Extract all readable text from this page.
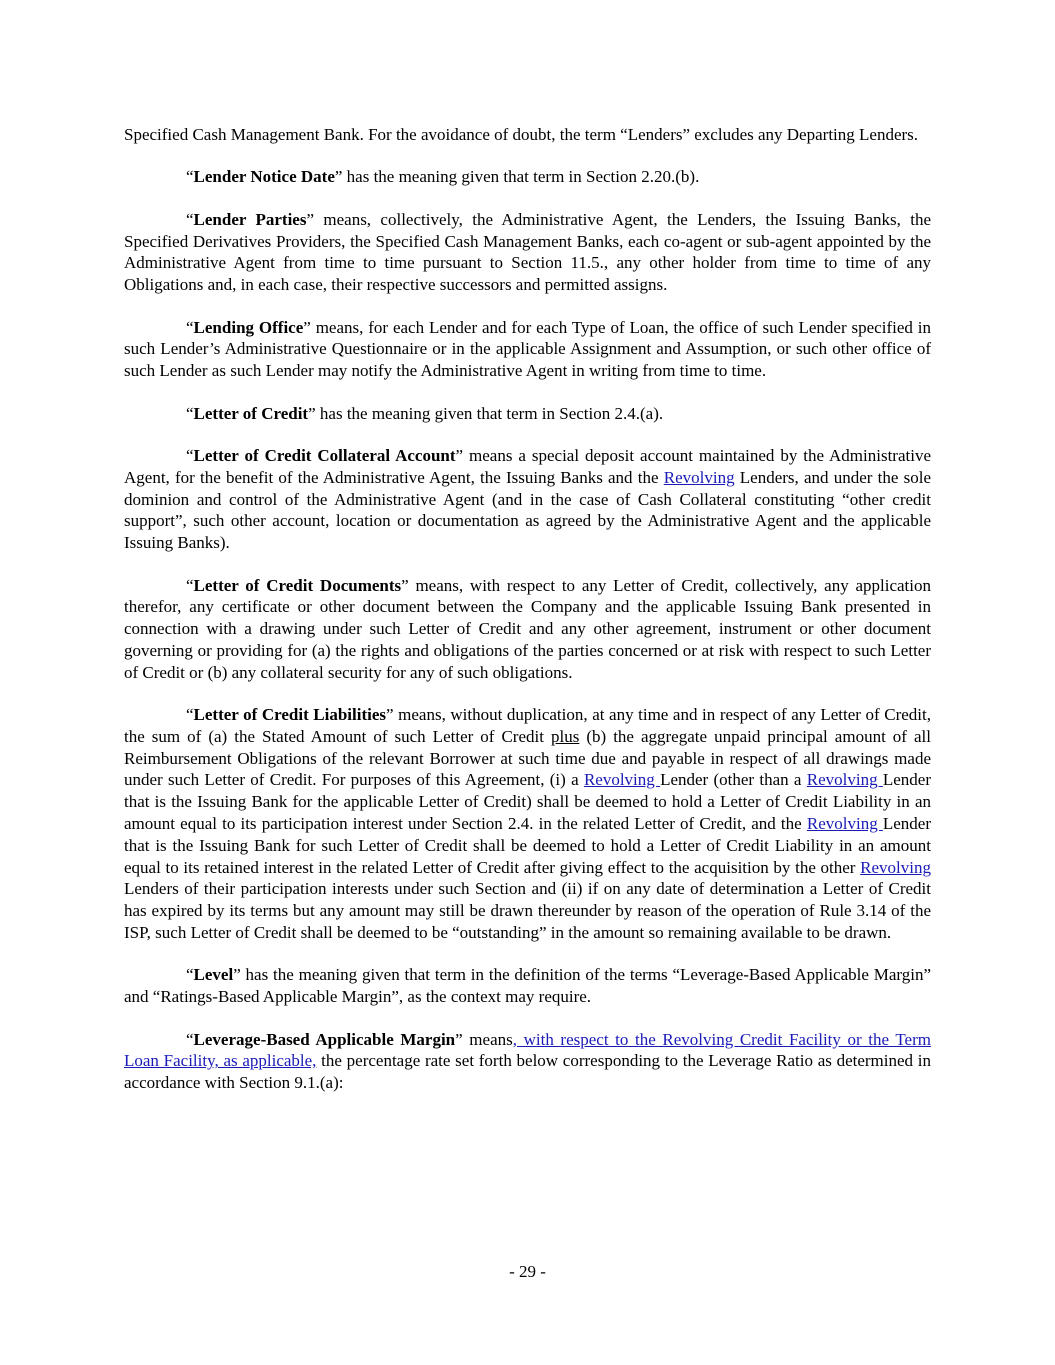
Specified Cash Management Bank. For the avoidance of doubt, the term “Lenders” excludes any Departing Lenders.

“Lender Notice Date” has the meaning given that term in Section 2.20.(b).

“Lender Parties” means, collectively, the Administrative Agent, the Lenders, the Issuing Banks, the Specified Derivatives Providers, the Specified Cash Management Banks, each co-agent or sub-agent appointed by the Administrative Agent from time to time pursuant to Section 11.5., any other holder from time to time of any Obligations and, in each case, their respective successors and permitted assigns.

“Lending Office” means, for each Lender and for each Type of Loan, the office of such Lender specified in such Lender’s Administrative Questionnaire or in the applicable Assignment and Assumption, or such other office of such Lender as such Lender may notify the Administrative Agent in writing from time to time.

“Letter of Credit” has the meaning given that term in Section 2.4.(a).

“Letter of Credit Collateral Account” means a special deposit account maintained by the Administrative Agent, for the benefit of the Administrative Agent, the Issuing Banks and the Revolving Lenders, and under the sole dominion and control of the Administrative Agent (and in the case of Cash Collateral constituting “other credit support”, such other account, location or documentation as agreed by the Administrative Agent and the applicable Issuing Banks).

“Letter of Credit Documents” means, with respect to any Letter of Credit, collectively, any application therefor, any certificate or other document between the Company and the applicable Issuing Bank presented in connection with a drawing under such Letter of Credit and any other agreement, instrument or other document governing or providing for (a) the rights and obligations of the parties concerned or at risk with respect to such Letter of Credit or (b) any collateral security for any of such obligations.

“Letter of Credit Liabilities” means, without duplication, at any time and in respect of any Letter of Credit, the sum of (a) the Stated Amount of such Letter of Credit plus (b) the aggregate unpaid principal amount of all Reimbursement Obligations of the relevant Borrower at such time due and payable in respect of all drawings made under such Letter of Credit. For purposes of this Agreement, (i) a Revolving Lender (other than a Revolving Lender that is the Issuing Bank for the applicable Letter of Credit) shall be deemed to hold a Letter of Credit Liability in an amount equal to its participation interest under Section 2.4. in the related Letter of Credit, and the Revolving Lender that is the Issuing Bank for such Letter of Credit shall be deemed to hold a Letter of Credit Liability in an amount equal to its retained interest in the related Letter of Credit after giving effect to the acquisition by the other Revolving Lenders of their participation interests under such Section and (ii) if on any date of determination a Letter of Credit has expired by its terms but any amount may still be drawn thereunder by reason of the operation of Rule 3.14 of the ISP, such Letter of Credit shall be deemed to be “outstanding” in the amount so remaining available to be drawn.

“Level” has the meaning given that term in the definition of the terms “Leverage-Based Applicable Margin” and “Ratings-Based Applicable Margin”, as the context may require.

“Leverage-Based Applicable Margin” means, with respect to the Revolving Credit Facility or the Term Loan Facility, as applicable, the percentage rate set forth below corresponding to the Leverage Ratio as determined in accordance with Section 9.1.(a):

- 29 -
